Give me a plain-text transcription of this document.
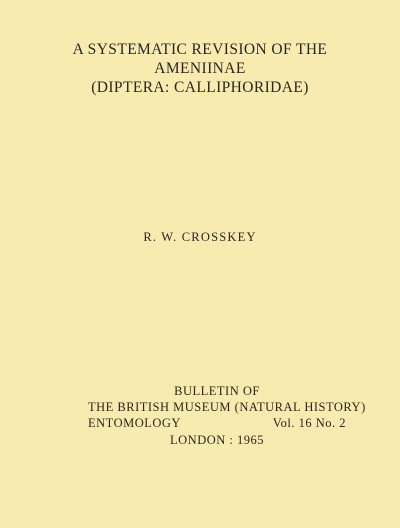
A SYSTEMATIC REVISION OF THE
AMENIINAE
(DIPTERA: CALLIPHORIDAE)
R. W. CROSSKEY
BULLETIN OF
THE BRITISH MUSEUM (NATURAL HISTORY)
ENTOMOLOGY	Vol. 16 No. 2
LONDON : 1965
